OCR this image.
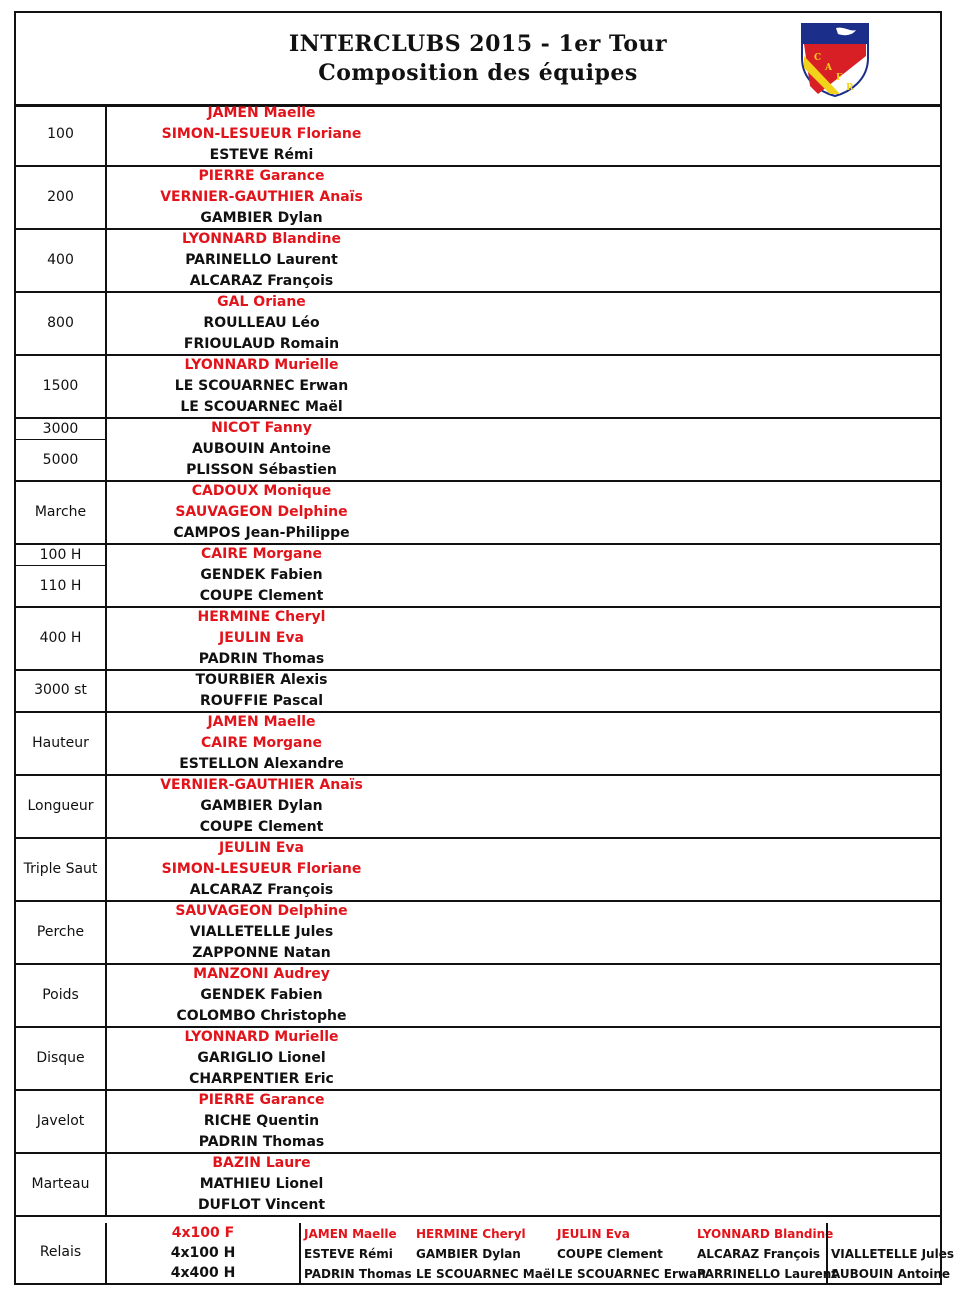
INTERCLUBS 2015 - 1er Tour
Composition des équipes
C
A
F
R
100
JAMEN Maelle
SIMON-LESUEUR Floriane
ESTEVE Rémi
200
PIERRE Garance
VERNIER-GAUTHIER Anaïs
GAMBIER Dylan
400
LYONNARD Blandine
PARINELLO Laurent
ALCARAZ François
800
GAL Oriane
ROULLEAU Léo
FRIOULAUD Romain
1500
LYONNARD Murielle
LE SCOUARNEC Erwan
LE SCOUARNEC Maël
3000
5000
NICOT Fanny
AUBOUIN Antoine
PLISSON Sébastien
Marche
CADOUX Monique
SAUVAGEON Delphine
CAMPOS Jean-Philippe
100 H
110 H
CAIRE Morgane
GENDEK Fabien
COUPE Clement
400 H
HERMINE Cheryl
JEULIN Eva
PADRIN Thomas
3000 st
TOURBIER Alexis
ROUFFIE Pascal
Hauteur
JAMEN Maelle
CAIRE Morgane
ESTELLON Alexandre
Longueur
VERNIER-GAUTHIER Anaïs
GAMBIER Dylan
COUPE Clement
Triple Saut
JEULIN Eva
SIMON-LESUEUR Floriane
ALCARAZ François
Perche
SAUVAGEON Delphine
VIALLETELLE Jules
ZAPPONNE Natan
Poids
MANZONI Audrey
GENDEK Fabien
COLOMBO Christophe
Disque
LYONNARD Murielle
GARIGLIO Lionel
CHARPENTIER Eric
Javelot
PIERRE Garance
RICHE Quentin
PADRIN Thomas
Marteau
BAZIN Laure
MATHIEU Lionel
DUFLOT Vincent
Relais
4x100 F
4x100 H
4x400 H
JAMEN Maelle
ESTEVE Rémi
PADRIN Thomas
HERMINE Cheryl
GAMBIER Dylan
LE SCOUARNEC Maël
JEULIN Eva
COUPE Clement
LE SCOUARNEC Erwan
LYONNARD Blandine
ALCARAZ François
PARRINELLO Laurent
VIALLETELLE Jules
AUBOUIN Antoine
